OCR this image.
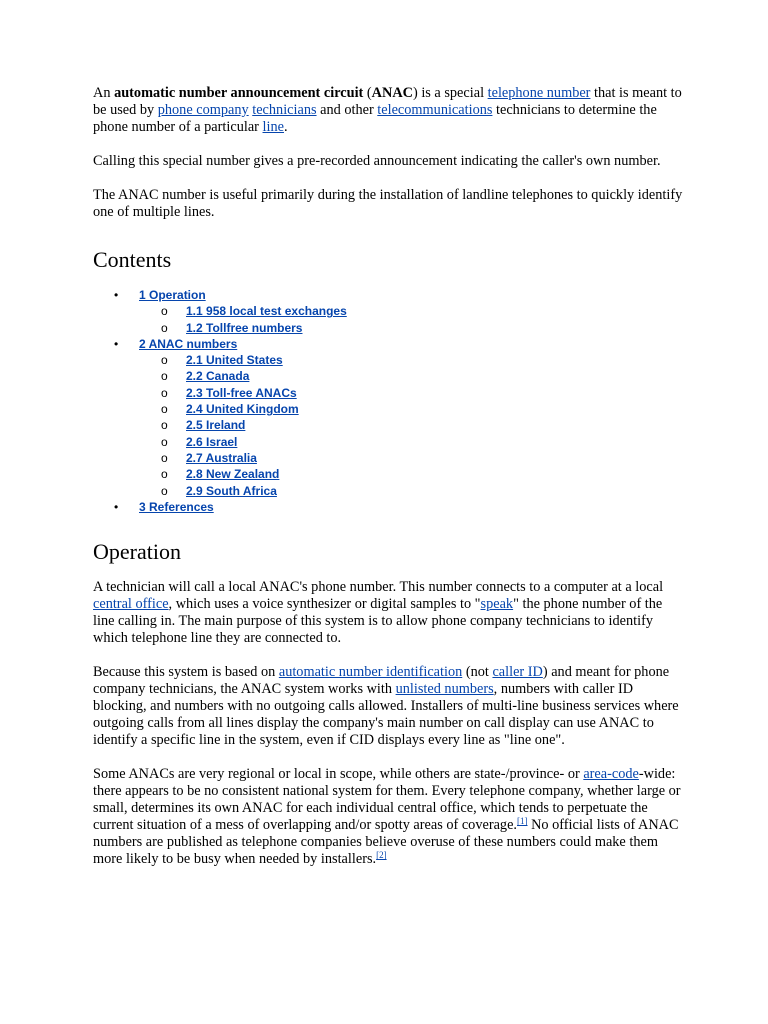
An automatic number announcement circuit (ANAC) is a special telephone number that is meant to be used by phone company technicians and other telecommunications technicians to determine the phone number of a particular line.

Calling this special number gives a pre-recorded announcement indicating the caller's own number.

The ANAC number is useful primarily during the installation of landline telephones to quickly identify one of multiple lines.

Contents
• 1 Operation
o 1.1 958 local test exchanges
o 1.2 Tollfree numbers
• 2 ANAC numbers
o 2.1 United States
o 2.2 Canada
o 2.3 Toll-free ANACs
o 2.4 United Kingdom
o 2.5 Ireland
o 2.6 Israel
o 2.7 Australia
o 2.8 New Zealand
o 2.9 South Africa
• 3 References
Operation

A technician will call a local ANAC's phone number. This number connects to a computer at a local central office, which uses a voice synthesizer or digital samples to "speak" the phone number of the line calling in. The main purpose of this system is to allow phone company technicians to identify which telephone line they are connected to.

Because this system is based on automatic number identification (not caller ID) and meant for phone company technicians, the ANAC system works with unlisted numbers, numbers with caller ID blocking, and numbers with no outgoing calls allowed. Installers of multi-line business services where outgoing calls from all lines display the company's main number on call display can use ANAC to identify a specific line in the system, even if CID displays every line as "line one".

Some ANACs are very regional or local in scope, while others are state-/province- or area-code-wide: there appears to be no consistent national system for them. Every telephone company, whether large or small, determines its own ANAC for each individual central office, which tends to perpetuate the current situation of a mess of overlapping and/or spotty areas of coverage.[1] No official lists of ANAC numbers are published as telephone companies believe overuse of these numbers could make them more likely to be busy when needed by installers.[2]
